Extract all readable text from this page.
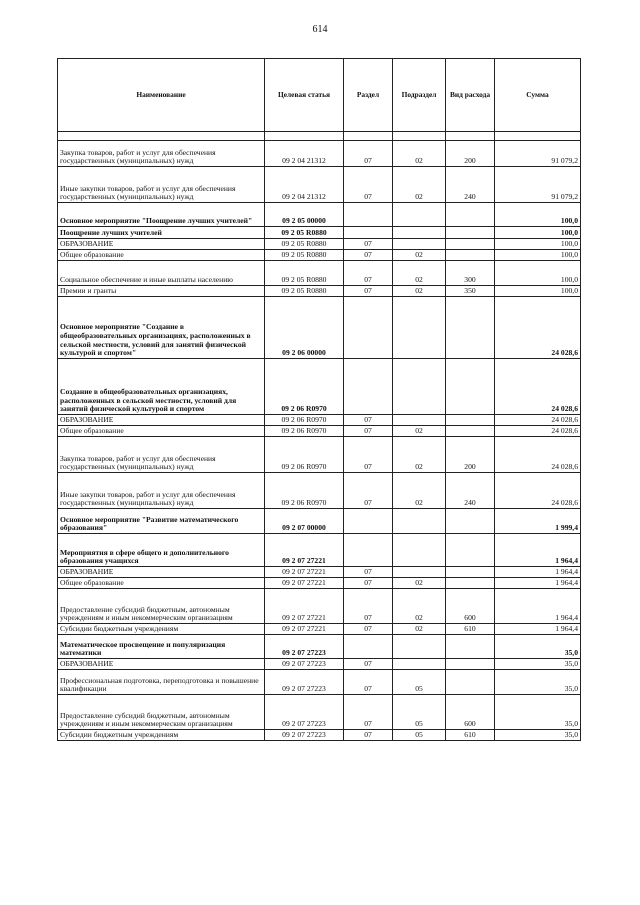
614
Наименование	Целевая статья	Раздел	Подраздел	Вид расхода	Сумма

Закупка товаров, работ и услуг для обеспечения государственных (муниципальных) нужд	09 2 04 21312	07	02	200	91 079,2
Иные закупки товаров, работ и услуг для обеспечения государственных (муниципальных) нужд	09 2 04 21312	07	02	240	91 079,2
Основное мероприятие "Поощрение лучших учителей"	09 2 05 00000				100,0
Поощрение лучших учителей	09 2 05 R0880				100,0
ОБРАЗОВАНИЕ	09 2 05 R0880	07			100,0
Общее образование	09 2 05 R0880	07	02		100,0
Социальное обеспечение и иные выплаты населению	09 2 05 R0880	07	02	300	100,0
Премии и гранты	09 2 05 R0880	07	02	350	100,0
Основное мероприятие "Создание в общеобразовательных организациях, расположенных в сельской местности, условий для занятий физической культурой и спортом"	09 2 06 00000				24 028,6
Создание в общеобразовательных организациях, расположенных в сельской местности, условий для занятий физической культурой и спортом	09 2 06 R0970				24 028,6
ОБРАЗОВАНИЕ	09 2 06 R0970	07			24 028,6
Общее образование	09 2 06 R0970	07	02		24 028,6
Закупка товаров, работ и услуг для обеспечения государственных (муниципальных) нужд	09 2 06 R0970	07	02	200	24 028,6
Иные закупки товаров, работ и услуг для обеспечения государственных (муниципальных) нужд	09 2 06 R0970	07	02	240	24 028,6
Основное мероприятие "Развитие математического образования"	09 2 07 00000				1 999,4
Мероприятия в сфере общего и дополнительного образования учащихся	09 2 07 27221				1 964,4
ОБРАЗОВАНИЕ	09 2 07 27221	07			1 964,4
Общее образование	09 2 07 27221	07	02		1 964,4
Предоставление субсидий бюджетным, автономным учреждениям и иным некоммерческим организациям	09 2 07 27221	07	02	600	1 964,4
Субсидии бюджетным учреждениям	09 2 07 27221	07	02	610	1 964,4
Математическое просвещение и популяризация математики	09 2 07 27223				35,0
ОБРАЗОВАНИЕ	09 2 07 27223	07			35,0
Профессиональная подготовка, переподготовка и повышение квалификации	09 2 07 27223	07	05		35,0
Предоставление субсидий бюджетным, автономным учреждениям и иным некоммерческим организациям	09 2 07 27223	07	05	600	35,0
Субсидии бюджетным учреждениям	09 2 07 27223	07	05	610	35,0
